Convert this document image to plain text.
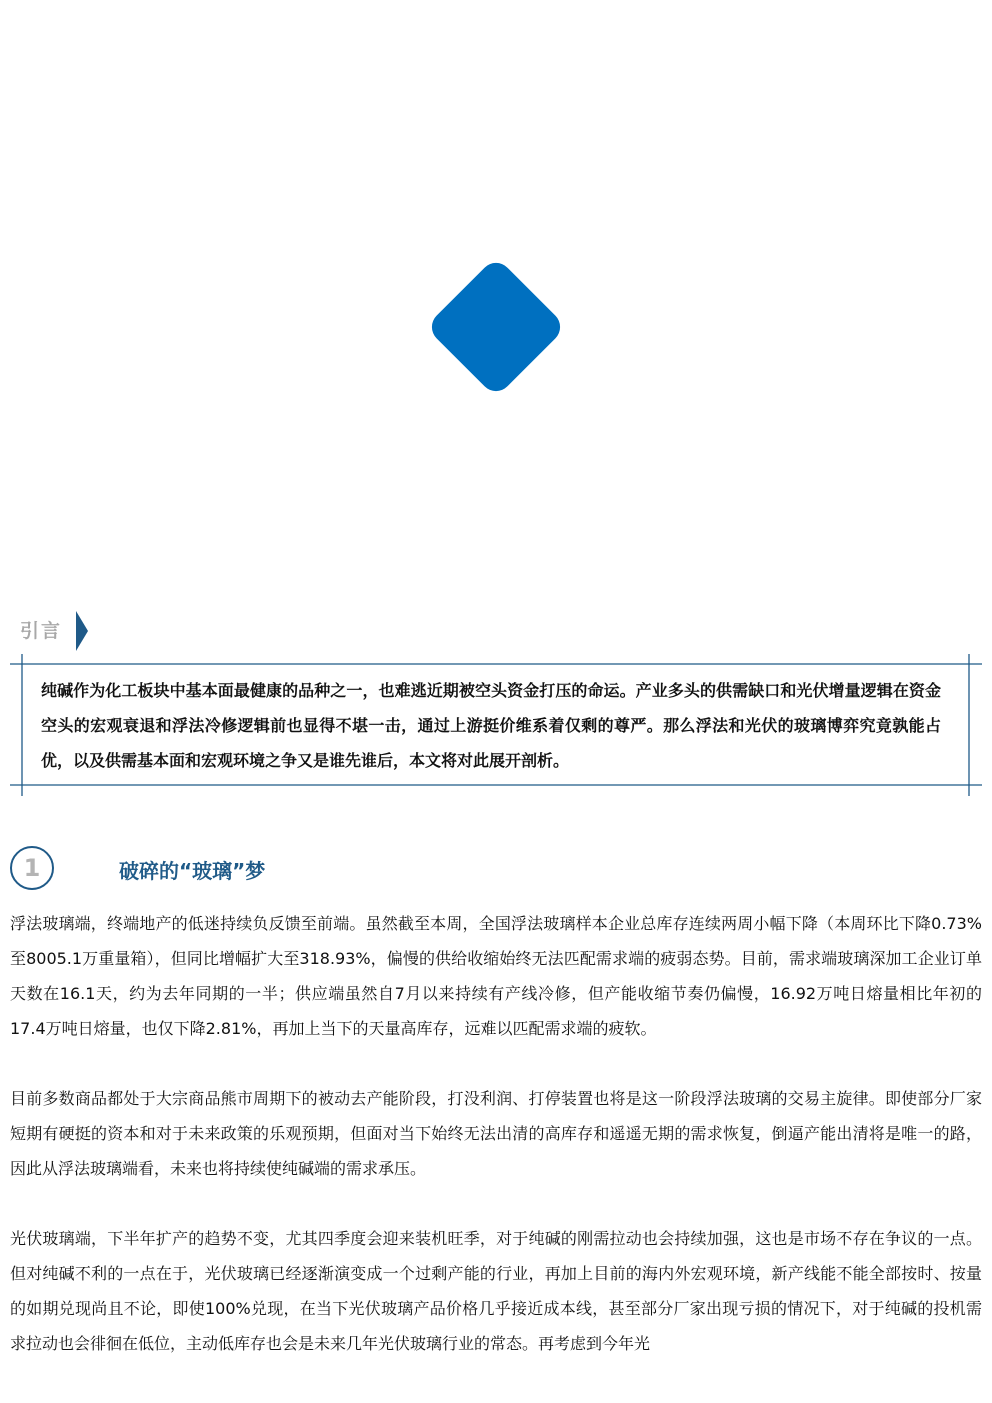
引言
纯碱作为化工板块中基本面最健康的品种之一，也难逃近期被空头资金打压的命运。产业多头的供需缺口和光伏增量逻辑在资金空头的宏观衰退和浮法冷修逻辑前也显得不堪一击，通过上游挺价维系着仅剩的尊严。那么浮法和光伏的玻璃博弈究竟孰能占优，以及供需基本面和宏观环境之争又是谁先谁后，本文将对此展开剖析。
1	破碎的“玻璃”梦

浮法玻璃端，终端地产的低迷持续负反馈至前端。虽然截至本周，全国浮法玻璃样本企业总库存连续两周小幅下降（本周环比下降0.73%至8005.1万重量箱），但同比增幅扩大至318.93%，偏慢的供给收缩始终无法匹配需求端的疲弱态势。目前，需求端玻璃深加工企业订单天数在16.1天，约为去年同期的一半；供应端虽然自7月以来持续有产线冷修，但产能收缩节奏仍偏慢，16.92万吨日熔量相比年初的17.4万吨日熔量，也仅下降2.81%，再加上当下的天量高库存，远难以匹配需求端的疲软。

目前多数商品都处于大宗商品熊市周期下的被动去产能阶段，打没利润、打停装置也将是这一阶段浮法玻璃的交易主旋律。即使部分厂家短期有硬挺的资本和对于未来政策的乐观预期，但面对当下始终无法出清的高库存和遥遥无期的需求恢复，倒逼产能出清将是唯一的路，因此从浮法玻璃端看，未来也将持续使纯碱端的需求承压。

光伏玻璃端，下半年扩产的趋势不变，尤其四季度会迎来装机旺季，对于纯碱的刚需拉动也会持续加强，这也是市场不存在争议的一点。但对纯碱不利的一点在于，光伏玻璃已经逐渐演变成一个过剩产能的行业，再加上目前的海内外宏观环境，新产线能不能全部按时、按量的如期兑现尚且不论，即使100%兑现，在当下光伏玻璃产品价格几乎接近成本线，甚至部分厂家出现亏损的情况下，对于纯碱的投机需求拉动也会徘徊在低位，主动低库存也会是未来几年光伏玻璃行业的常态。再考虑到今年光
